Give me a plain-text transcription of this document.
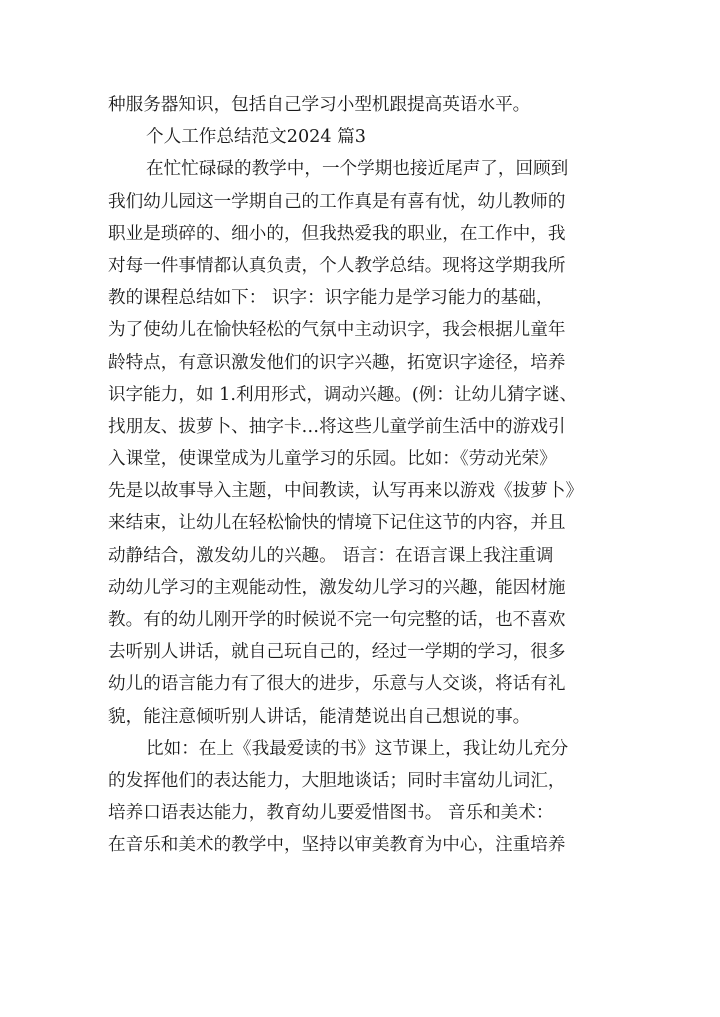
种服务器知识，包括自己学习小型机跟提高英语水平。
个人工作总结范文2024 篇3
在忙忙碌碌的教学中，一个学期也接近尾声了，回顾到
我们幼儿园这一学期自己的工作真是有喜有忧，幼儿教师的
职业是琐碎的、细小的，但我热爱我的职业，在工作中，我
对每一件事情都认真负责，个人教学总结。现将这学期我所
教的课程总结如下： 识字：识字能力是学习能力的基础，
为了使幼儿在愉快轻松的气氛中主动识字，我会根据儿童年
龄特点，有意识激发他们的识字兴趣，拓宽识字途径，培养
识字能力，如 1.利用形式，调动兴趣。(例：让幼儿猜字谜、
找朋友、拔萝卜、抽字卡…将这些儿童学前生活中的游戏引
入课堂，使课堂成为儿童学习的乐园。比如：《劳动光荣》
先是以故事导入主题，中间教读，认写再来以游戏《拔萝卜》
来结束，让幼儿在轻松愉快的情境下记住这节的内容，并且
动静结合，激发幼儿的兴趣。 语言：在语言课上我注重调
动幼儿学习的主观能动性，激发幼儿学习的兴趣，能因材施
教。有的幼儿刚开学的时候说不完一句完整的话，也不喜欢
去听别人讲话，就自己玩自己的，经过一学期的学习，很多
幼儿的语言能力有了很大的进步，乐意与人交谈，将话有礼
貌，能注意倾听别人讲话，能清楚说出自己想说的事。
比如：在上《我最爱读的书》这节课上，我让幼儿充分
的发挥他们的表达能力，大胆地谈话；同时丰富幼儿词汇，
培养口语表达能力，教育幼儿要爱惜图书。 音乐和美术：
在音乐和美术的教学中，坚持以审美教育为中心，注重培养
